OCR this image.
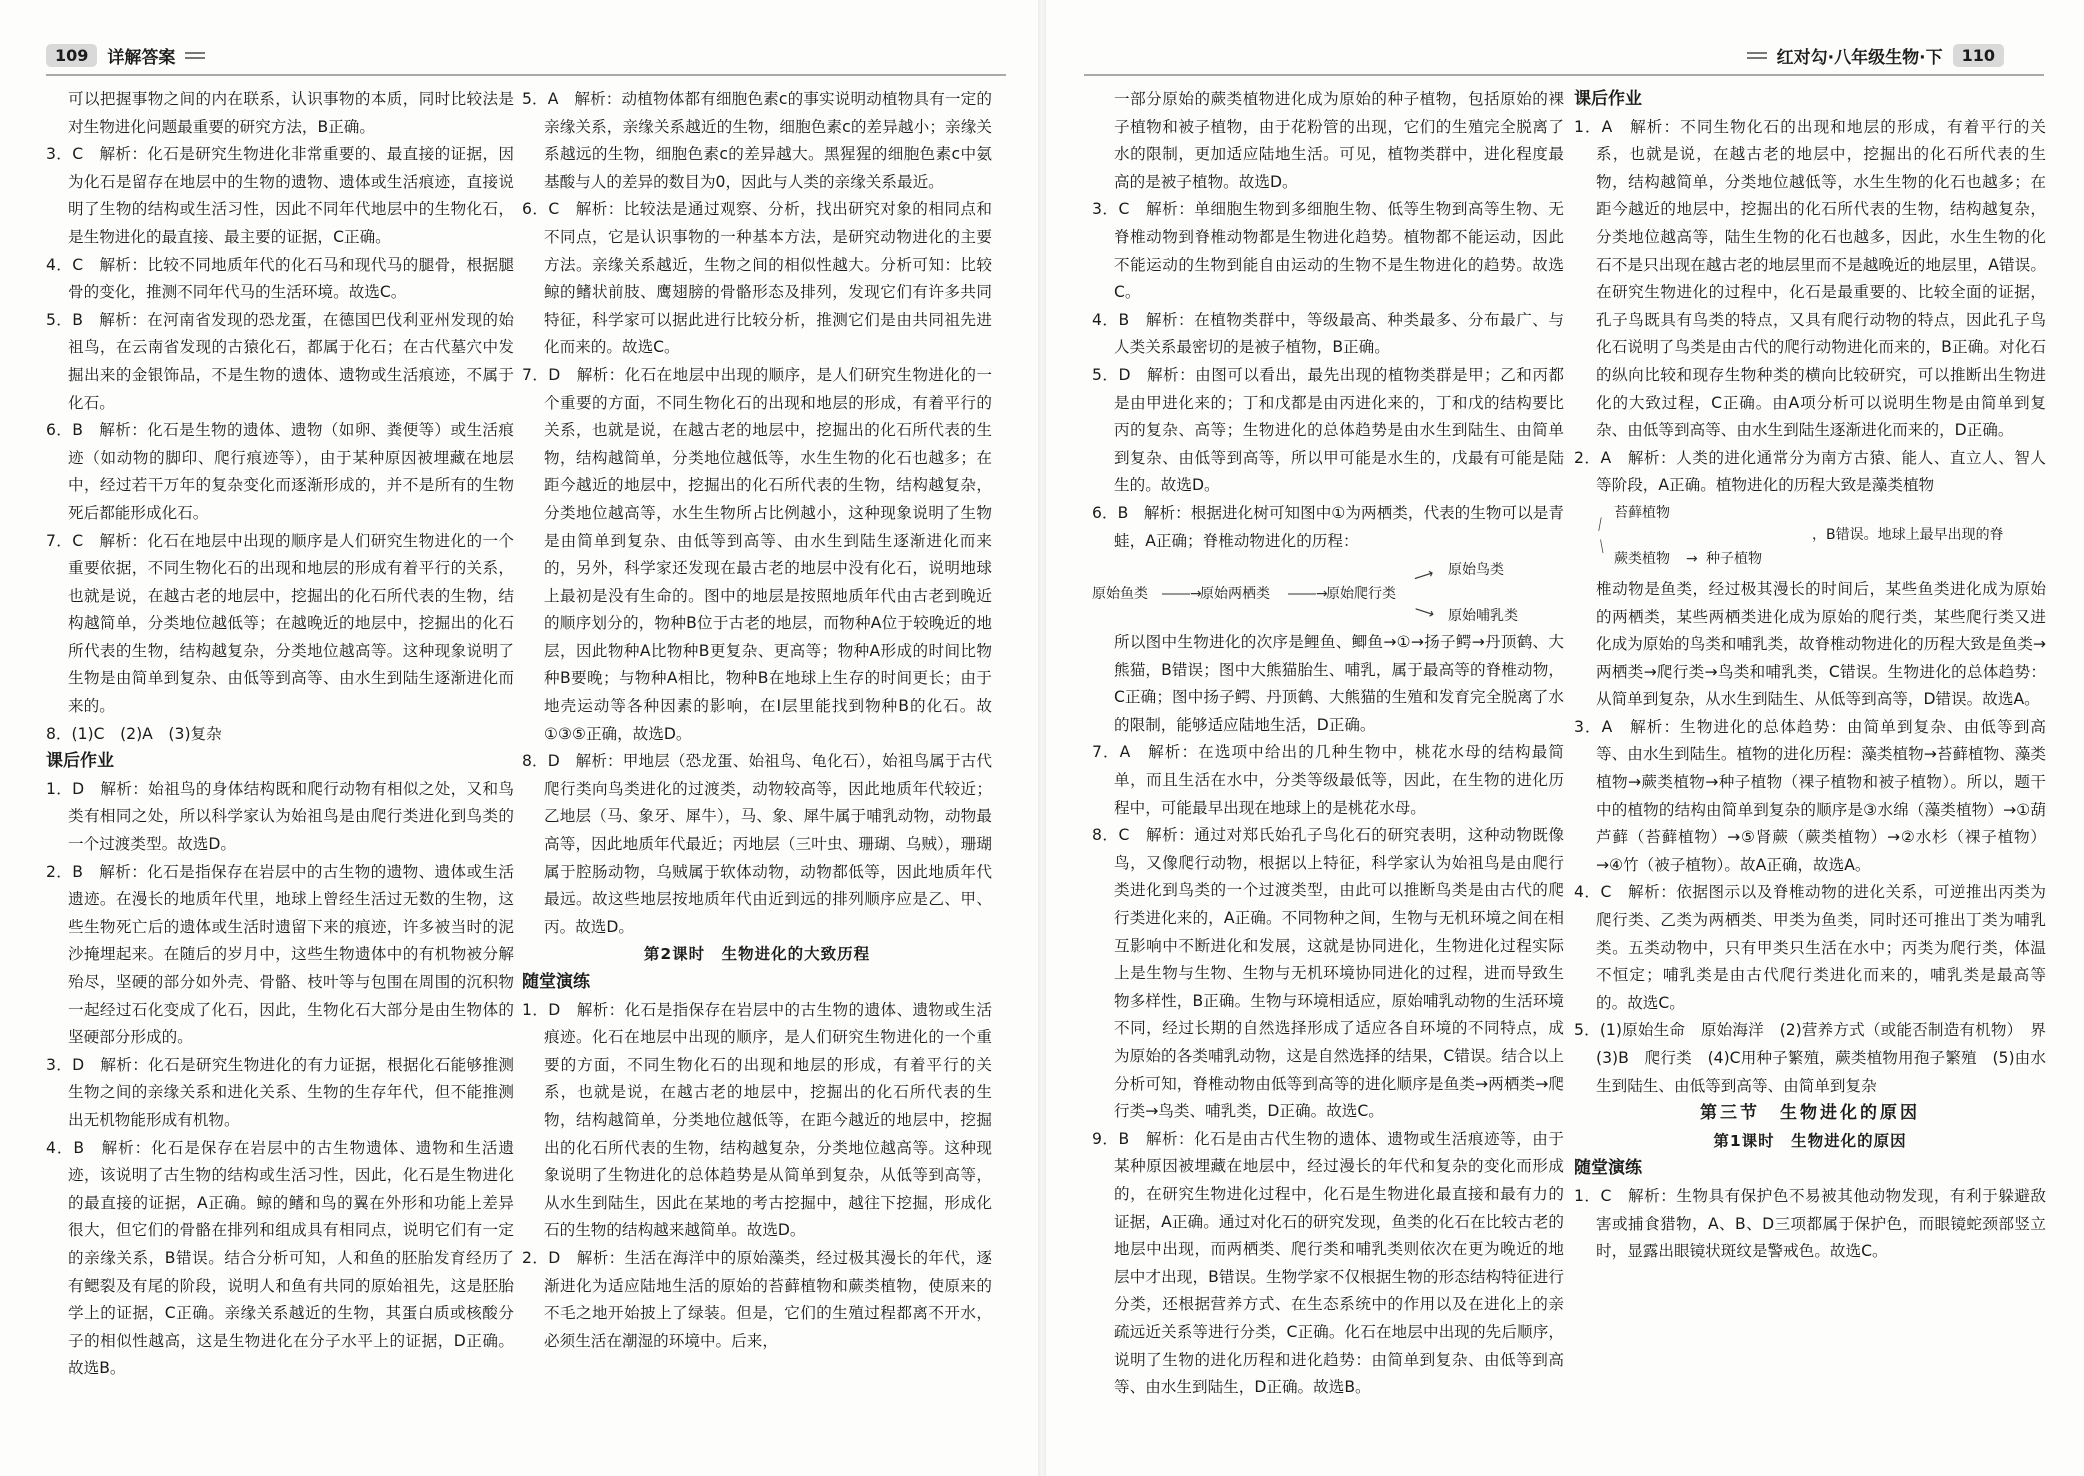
109	详解答案

可以把握事物之间的内在联系，认识事物的本质，同时比较法是对生物进化问题最重要的研究方法，B正确。

3．C　解析：化石是研究生物进化非常重要的、最直接的证据，因为化石是留存在地层中的生物的遗物、遗体或生活痕迹，直接说明了生物的结构或生活习性，因此不同年代地层中的生物化石，是生物进化的最直接、最主要的证据，C正确。

4．C　解析：比较不同地质年代的化石马和现代马的腿骨，根据腿骨的变化，推测不同年代马的生活环境。故选C。

5．B　解析：在河南省发现的恐龙蛋，在德国巴伐利亚州发现的始祖鸟，在云南省发现的古猿化石，都属于化石；在古代墓穴中发掘出来的金银饰品，不是生物的遗体、遗物或生活痕迹，不属于化石。

6．B　解析：化石是生物的遗体、遗物（如卵、粪便等）或生活痕迹（如动物的脚印、爬行痕迹等），由于某种原因被埋藏在地层中，经过若干万年的复杂变化而逐渐形成的，并不是所有的生物死后都能形成化石。

7．C　解析：化石在地层中出现的顺序是人们研究生物进化的一个重要依据，不同生物化石的出现和地层的形成有着平行的关系，也就是说，在越古老的地层中，挖掘出的化石所代表的生物，结构越简单，分类地位越低等；在越晚近的地层中，挖掘出的化石所代表的生物，结构越复杂，分类地位越高等。这种现象说明了生物是由简单到复杂、由低等到高等、由水生到陆生逐渐进化而来的。

8．(1)C　(2)A　(3)复杂

课后作业

1．D　解析：始祖鸟的身体结构既和爬行动物有相似之处，又和鸟类有相同之处，所以科学家认为始祖鸟是由爬行类进化到鸟类的一个过渡类型。故选D。

2．B　解析：化石是指保存在岩层中的古生物的遗物、遗体或生活遗迹。在漫长的地质年代里，地球上曾经生活过无数的生物，这些生物死亡后的遗体或生活时遗留下来的痕迹，许多被当时的泥沙掩埋起来。在随后的岁月中，这些生物遗体中的有机物被分解殆尽，坚硬的部分如外壳、骨骼、枝叶等与包围在周围的沉积物一起经过石化变成了化石，因此，生物化石大部分是由生物体的坚硬部分形成的。

3．D　解析：化石是研究生物进化的有力证据，根据化石能够推测生物之间的亲缘关系和进化关系、生物的生存年代，但不能推测出无机物能形成有机物。

4．B　解析：化石是保存在岩层中的古生物遗体、遗物和生活遗迹，该说明了古生物的结构或生活习性，因此，化石是生物进化的最直接的证据，A正确。鲸的鳍和鸟的翼在外形和功能上差异很大，但它们的骨骼在排列和组成具有相同点，说明它们有一定的亲缘关系，B错误。结合分析可知，人和鱼的胚胎发育经历了有鳃裂及有尾的阶段，说明人和鱼有共同的原始祖先，这是胚胎学上的证据，C正确。亲缘关系越近的生物，其蛋白质或核酸分子的相似性越高，这是生物进化在分子水平上的证据，D正确。故选B。

5．A　解析：动植物体都有细胞色素c的事实说明动植物具有一定的亲缘关系，亲缘关系越近的生物，细胞色素c的差异越小；亲缘关系越远的生物，细胞色素c的差异越大。黑猩猩的细胞色素c中氨基酸与人的差异的数目为0，因此与人类的亲缘关系最近。

6．C　解析：比较法是通过观察、分析，找出研究对象的相同点和不同点，它是认识事物的一种基本方法，是研究动物进化的主要方法。亲缘关系越近，生物之间的相似性越大。分析可知：比较鲸的鳍状前肢、鹰翅膀的骨骼形态及排列，发现它们有许多共同特征，科学家可以据此进行比较分析，推测它们是由共同祖先进化而来的。故选C。

7．D　解析：化石在地层中出现的顺序，是人们研究生物进化的一个重要的方面，不同生物化石的出现和地层的形成，有着平行的关系，也就是说，在越古老的地层中，挖掘出的化石所代表的生物，结构越简单，分类地位越低等，水生生物的化石也越多；在距今越近的地层中，挖掘出的化石所代表的生物，结构越复杂，分类地位越高等，水生生物所占比例越小，这种现象说明了生物是由简单到复杂、由低等到高等、由水生到陆生逐渐进化而来的，另外，科学家还发现在最古老的地层中没有化石，说明地球上最初是没有生命的。图中的地层是按照地质年代由古老到晚近的顺序划分的，物种B位于古老的地层，而物种A位于较晚近的地层，因此物种A比物种B更复杂、更高等；物种A形成的时间比物种B要晚；与物种A相比，物种B在地球上生存的时间更长；由于地壳运动等各种因素的影响，在Ⅰ层里能找到物种B的化石。故①③⑤正确，故选D。

8．D　解析：甲地层（恐龙蛋、始祖鸟、龟化石），始祖鸟属于古代爬行类向鸟类进化的过渡类，动物较高等，因此地质年代较近；乙地层（马、象牙、犀牛），马、象、犀牛属于哺乳动物，动物最高等，因此地质年代最近；丙地层（三叶虫、珊瑚、乌贼），珊瑚属于腔肠动物，乌贼属于软体动物，动物都低等，因此地质年代最远。故这些地层按地质年代由近到远的排列顺序应是乙、甲、丙。故选D。

第2课时　生物进化的大致历程

随堂演练

1．D　解析：化石是指保存在岩层中的古生物的遗体、遗物或生活痕迹。化石在地层中出现的顺序，是人们研究生物进化的一个重要的方面，不同生物化石的出现和地层的形成，有着平行的关系，也就是说，在越古老的地层中，挖掘出的化石所代表的生物，结构越简单，分类地位越低等，在距今越近的地层中，挖掘出的化石所代表的生物，结构越复杂，分类地位越高等。这种现象说明了生物进化的总体趋势是从简单到复杂，从低等到高等，从水生到陆生，因此在某地的考古挖掘中，越往下挖掘，形成化石的生物的结构越来越简单。故选D。

2．D　解析：生活在海洋中的原始藻类，经过极其漫长的年代，逐渐进化为适应陆地生活的原始的苔藓植物和蕨类植物，使原来的不毛之地开始披上了绿装。但是，它们的生殖过程都离不开水，必须生活在潮湿的环境中。后来，

红对勾·八年级生物·下	110

一部分原始的蕨类植物进化成为原始的种子植物，包括原始的裸子植物和被子植物，由于花粉管的出现，它们的生殖完全脱离了水的限制，更加适应陆地生活。可见，植物类群中，进化程度最高的是被子植物。故选D。

3．C　解析：单细胞生物到多细胞生物、低等生物到高等生物、无脊椎动物到脊椎动物都是生物进化趋势。植物都不能运动，因此不能运动的生物到能自由运动的生物不是生物进化的趋势。故选C。

4．B　解析：在植物类群中，等级最高、种类最多、分布最广、与人类关系最密切的是被子植物，B正确。

5．D　解析：由图可以看出，最先出现的植物类群是甲；乙和丙都是由甲进化来的；丁和戊都是由丙进化来的，丁和戊的结构要比丙的复杂、高等；生物进化的总体趋势是由水生到陆生、由简单到复杂、由低等到高等，所以甲可能是水生的，戊最有可能是陆生的。故选D。

6．B　解析：根据进化树可知图中①为两栖类，代表的生物可以是青蛙，A正确；脊椎动物进化的历程：

原始鱼类 ――→
原始两栖类 ――→
原始爬行类
⟶
⟶
原始鸟类
原始哺乳类

所以图中生物进化的次序是鲤鱼、鲫鱼→①→扬子鳄→丹顶鹤、大熊猫，B错误；图中大熊猫胎生、哺乳，属于最高等的脊椎动物，C正确；图中扬子鳄、丹顶鹤、大熊猫的生殖和发育完全脱离了水的限制，能够适应陆地生活，D正确。

7．A　解析：在选项中给出的几种生物中，桃花水母的结构最简单，而且生活在水中，分类等级最低等，因此，在生物的进化历程中，可能最早出现在地球上的是桃花水母。

8．C　解析：通过对郑氏始孔子鸟化石的研究表明，这种动物既像鸟，又像爬行动物，根据以上特征，科学家认为始祖鸟是由爬行类进化到鸟类的一个过渡类型，由此可以推断鸟类是由古代的爬行类进化来的，A正确。不同物种之间，生物与无机环境之间在相互影响中不断进化和发展，这就是协同进化，生物进化过程实际上是生物与生物、生物与无机环境协同进化的过程，进而导致生物多样性，B正确。生物与环境相适应，原始哺乳动物的生活环境不同，经过长期的自然选择形成了适应各自环境的不同特点，成为原始的各类哺乳动物，这是自然选择的结果，C错误。结合以上分析可知，脊椎动物由低等到高等的进化顺序是鱼类→两栖类→爬行类→鸟类、哺乳类，D正确。故选C。

9．B　解析：化石是由古代生物的遗体、遗物或生活痕迹等，由于某种原因被埋藏在地层中，经过漫长的年代和复杂的变化而形成的，在研究生物进化过程中，化石是生物进化最直接和最有力的证据，A正确。通过对化石的研究发现，鱼类的化石在比较古老的地层中出现，而两栖类、爬行类和哺乳类则依次在更为晚近的地层中才出现，B错误。生物学家不仅根据生物的形态结构特征进行分类，还根据营养方式、在生态系统中的作用以及在进化上的亲疏远近关系等进行分类，C正确。化石在地层中出现的先后顺序，说明了生物的进化历程和进化趋势：由简单到复杂、由低等到高等、由水生到陆生，D正确。故选B。

课后作业

1．A　解析：不同生物化石的出现和地层的形成，有着平行的关系，也就是说，在越古老的地层中，挖掘出的化石所代表的生物，结构越简单，分类地位越低等，水生生物的化石也越多；在距今越近的地层中，挖掘出的化石所代表的生物，结构越复杂，分类地位越高等，陆生生物的化石也越多，因此，水生生物的化石不是只出现在越古老的地层里而不是越晚近的地层里，A错误。在研究生物进化的过程中，化石是最重要的、比较全面的证据，孔子鸟既具有鸟类的特点，又具有爬行动物的特点，因此孔子鸟化石说明了鸟类是由古代的爬行动物进化而来的，B正确。对化石的纵向比较和现存生物种类的横向比较研究，可以推断出生物进化的大致过程，C正确。由A项分析可以说明生物是由简单到复杂、由低等到高等、由水生到陆生逐渐进化而来的，D正确。

2．A　解析：人类的进化通常分为南方古猿、能人、直立人、智人等阶段，A正确。植物进化的历程大致是藻类植物

苔藓植物
⟋
⟍
蕨类植物 → 种子植物
，B错误。地球上最早出现的脊

椎动物是鱼类，经过极其漫长的时间后，某些鱼类进化成为原始的两栖类，某些两栖类进化成为原始的爬行类，某些爬行类又进化成为原始的鸟类和哺乳类，故脊椎动物进化的历程大致是鱼类→两栖类→爬行类→鸟类和哺乳类，C错误。生物进化的总体趋势：从简单到复杂，从水生到陆生、从低等到高等，D错误。故选A。

3．A　解析：生物进化的总体趋势：由简单到复杂、由低等到高等、由水生到陆生。植物的进化历程：藻类植物→苔藓植物、藻类植物→蕨类植物→种子植物（裸子植物和被子植物）。所以，题干中的植物的结构由简单到复杂的顺序是③水绵（藻类植物）→①葫芦藓（苔藓植物）→⑤肾蕨（蕨类植物）→②水杉（裸子植物）→④竹（被子植物）。故A正确，故选A。

4．C　解析：依据图示以及脊椎动物的进化关系，可逆推出丙类为爬行类、乙类为两栖类、甲类为鱼类，同时还可推出丁类为哺乳类。五类动物中，只有甲类只生活在水中；丙类为爬行类，体温不恒定；哺乳类是由古代爬行类进化而来的，哺乳类是最高等的。故选C。

5．(1)原始生命　原始海洋　(2)营养方式（或能否制造有机物）　界　(3)B　爬行类　(4)C用种子繁殖，蕨类植物用孢子繁殖　(5)由水生到陆生、由低等到高等、由简单到复杂

第三节　生物进化的原因

第1课时　生物进化的原因

随堂演练

1．C　解析：生物具有保护色不易被其他动物发现，有利于躲避敌害或捕食猎物，A、B、D三项都属于保护色，而眼镜蛇颈部竖立时，显露出眼镜状斑纹是警戒色。故选C。
